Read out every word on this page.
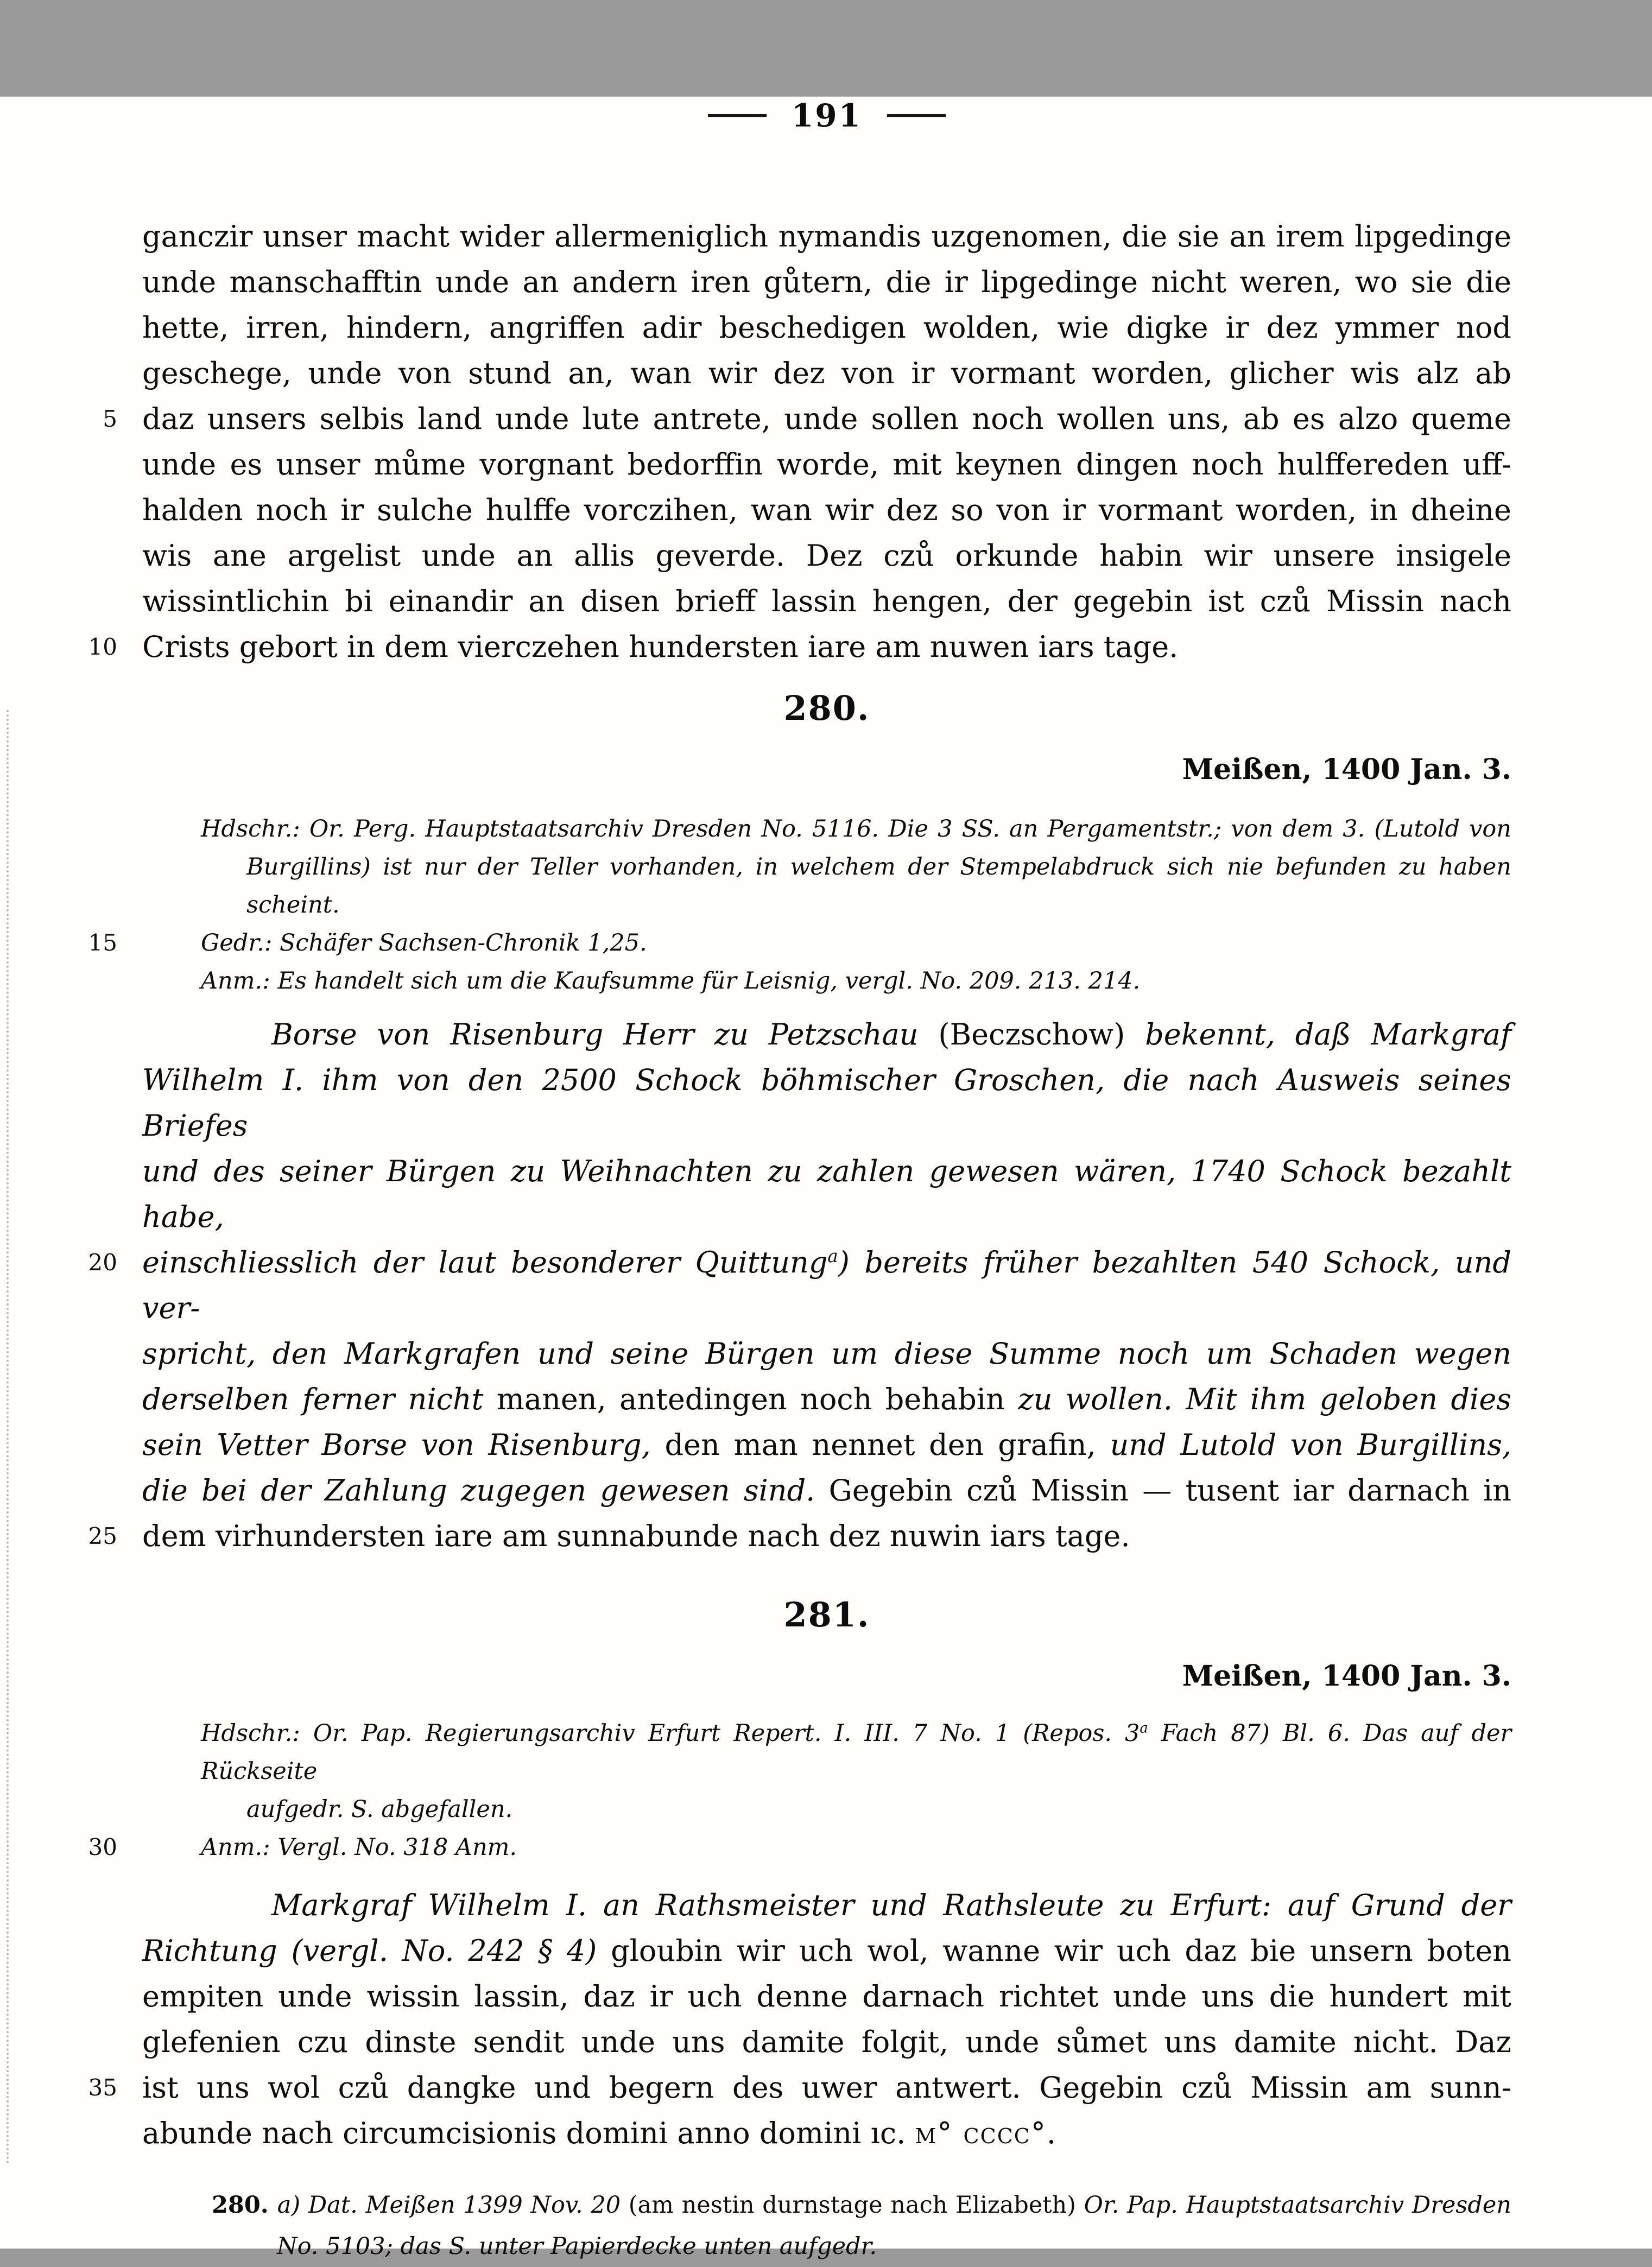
191
ganczir unser macht wider allermeniglich nymandis uzgenomen, die sie an irem lipgedinge
unde manschafftin unde an andern iren gůtern, die ir lipgedinge nicht weren, wo sie die
hette, irren, hindern, angriffen adir beschedigen wolden, wie digke ir dez ymmer nod
geschege, unde von stund an, wan wir dez von ir vormant worden, glicher wis alz ab
5 daz unsers selbis land unde lute antrete, unde sollen noch wollen uns, ab es alzo queme
unde es unser můme vorgnant bedorffin worde, mit keynen dingen noch hulffereden uff-
halden noch ir sulche hulffe vorczihen, wan wir dez so von ir vormant worden, in dheine
wis ane argelist unde an allis geverde. Dez czů orkunde habin wir unsere insigele
wissintlichin bi einandir an disen brieff lassin hengen, der gegebin ist czů Missin nach
10 Crists gebort in dem vierczehen hundersten iare am nuwen iars tage.
280.

Meißen, 1400 Jan. 3.

Hdschr.: Or. Perg. Hauptstaatsarchiv Dresden No. 5116. Die 3 SS. an Pergamentstr.; von dem 3. (Lutold von
Burgillins) ist nur der Teller vorhanden, in welchem der Stempelabdruck sich nie befunden zu haben scheint.
15	Gedr.: Schäfer Sachsen-Chronik 1,25.
Anm.: Es handelt sich um die Kaufsumme für Leisnig, vergl. No. 209. 213. 214.
Borse von Risenburg Herr zu Petzschau (Beczschow) bekennt, daß Markgraf
Wilhelm I. ihm von den 2500 Schock böhmischer Groschen, die nach Ausweis seines Briefes
und des seiner Bürgen zu Weihnachten zu zahlen gewesen wären, 1740 Schock bezahlt habe,
20 einschliesslich der laut besonderer Quittung$^a$) bereits früher bezahlten 540 Schock, und ver-
spricht, den Markgrafen und seine Bürgen um diese Summe noch um Schaden wegen
derselben ferner nicht manen, antedingen noch behabin zu wollen. Mit ihm geloben dies
sein Vetter Borse von Risenburg, den man nennet den grafin, und Lutold von Burgillins,
die bei der Zahlung zugegen gewesen sind. Gegebin czů Missin — tusent iar darnach in
25 dem virhundersten iare am sunnabunde nach dez nuwin iars tage.
281.

Meißen, 1400 Jan. 3.

Hdschr.: Or. Pap. Regierungsarchiv Erfurt Repert. I. III. 7 No. 1 (Repos. 3$^a$ Fach 87) Bl. 6. Das auf der Rückseite
aufgedr. S. abgefallen.
30	Anm.: Vergl. No. 318 Anm.
Markgraf Wilhelm I. an Rathsmeister und Rathsleute zu Erfurt: auf Grund der
Richtung (vergl. No. 242 § 4) gloubin wir uch wol, wanne wir uch daz bie unsern boten
empiten unde wissin lassin, daz ir uch denne darnach richtet unde uns die hundert mit
glefenien czu dinste sendit unde uns damite folgit, unde sůmet uns damite nicht. Daz
35 ist uns wol czů dangke und begern des uwer antwert. Gegebin czů Missin am sunn-
abunde nach circumcisionis domini anno domini ıc. m° cccc°.
280. a) Dat. Meißen 1399 Nov. 20 (am nestin durnstage nach Elizabeth) Or. Pap. Hauptstaatsarchiv Dresden
No. 5103; das S. unter Papierdecke unten aufgedr.
